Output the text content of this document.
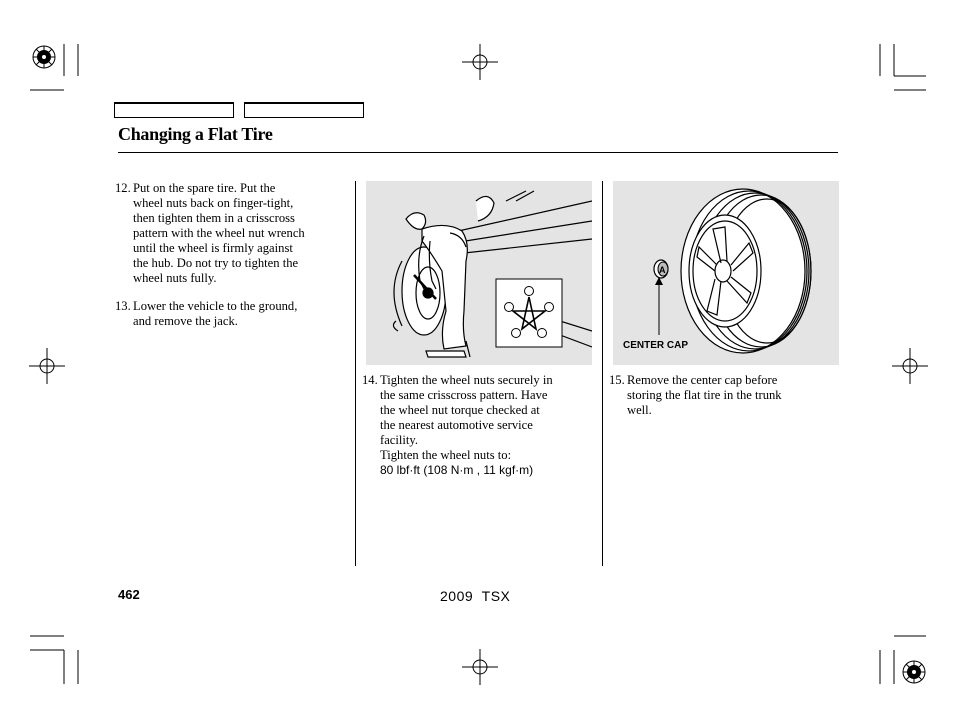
Changing a Flat Tire
12. Put on the spare tire. Put the
wheel nuts back on finger-tight,
then tighten them in a crisscross
pattern with the wheel nut wrench
until the wheel is firmly against
the hub. Do not try to tighten the
wheel nuts fully.
13. Lower the vehicle to the ground,
and remove the jack.
14. Tighten the wheel nuts securely in
the same crisscross pattern. Have
the wheel nut torque checked at
the nearest automotive service
facility.
Tighten the wheel nuts to:
80 lbf·ft (108 N·m , 11 kgf·m)
A
CENTER CAP
15. Remove the center cap before
storing the flat tire in the trunk
well.
462	2009  TSX
